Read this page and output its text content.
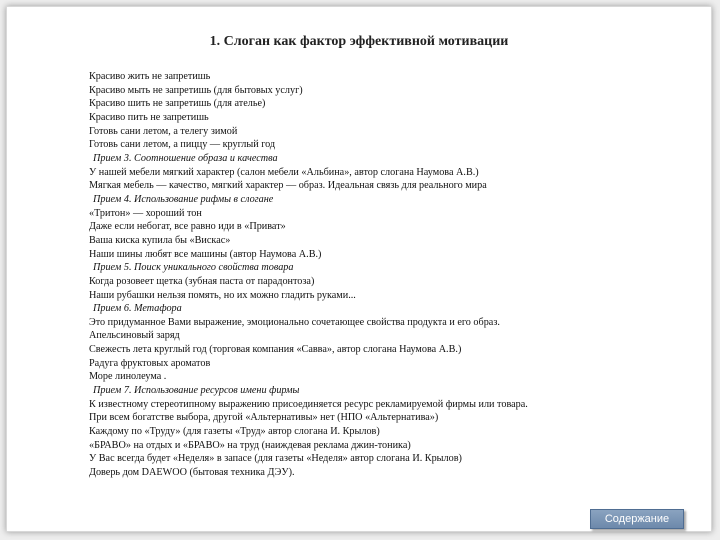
1. Слоган как фактор эффективной мотивации
Красиво жить не запретишь
Красиво мыть не запретишь (для бытовых услуг)
Красиво шить не запретишь (для ателье)
Красиво пить не запретишь
Готовь сани летом, а телегу зимой
Готовь сани летом, а пиццу — круглый год
Прием 3. Соотношение образа и качества
У нашей мебели мягкий характер (салон мебели «Альбина», автор слогана Наумова А.В.)
Мягкая мебель — качество, мягкий характер — образ. Идеальная связь для реального мира
Прием 4. Использование рифмы в слогане
«Тритон» — хороший тон
Даже если небогат, все равно иди в «Приват»
Ваша киска купила бы «Вискас»
Наши шины любят все машины (автор Наумова А.В.)
Прием 5. Поиск уникального свойства товара
Когда розовеет щетка (зубная паста от парадонтоза)
Наши рубашки нельзя помять, но их можно гладить руками...
Прием 6. Метафора
Это придуманное Вами выражение, эмоционально сочетающее свойства продукта и его образ.
Апельсиновый заряд
Свежесть лета круглый год (торговая компания «Савва», автор слогана Наумова А.В.)
Радуга фруктовых ароматов
Море линолеума .
Прием 7. Использование ресурсов имени фирмы
К известному стереотипному выражению присоединяется ресурс рекламируемой фирмы или товара.
При всем богатстве выбора, другой «Альтернативы» нет (НПО «Альтернатива»)
Каждому по «Труду» (для газеты «Труд» автор слогана И. Крылов)
«БРАВО» на отдых и «БРАВО» на труд (наиждевая реклама джин-тоника)
У Вас всегда будет «Неделя» в запасе (для газеты «Неделя» автор слогана И. Крылов)
Доверь дом DAEWOO (бытовая техника ДЭУ).
Содержание
